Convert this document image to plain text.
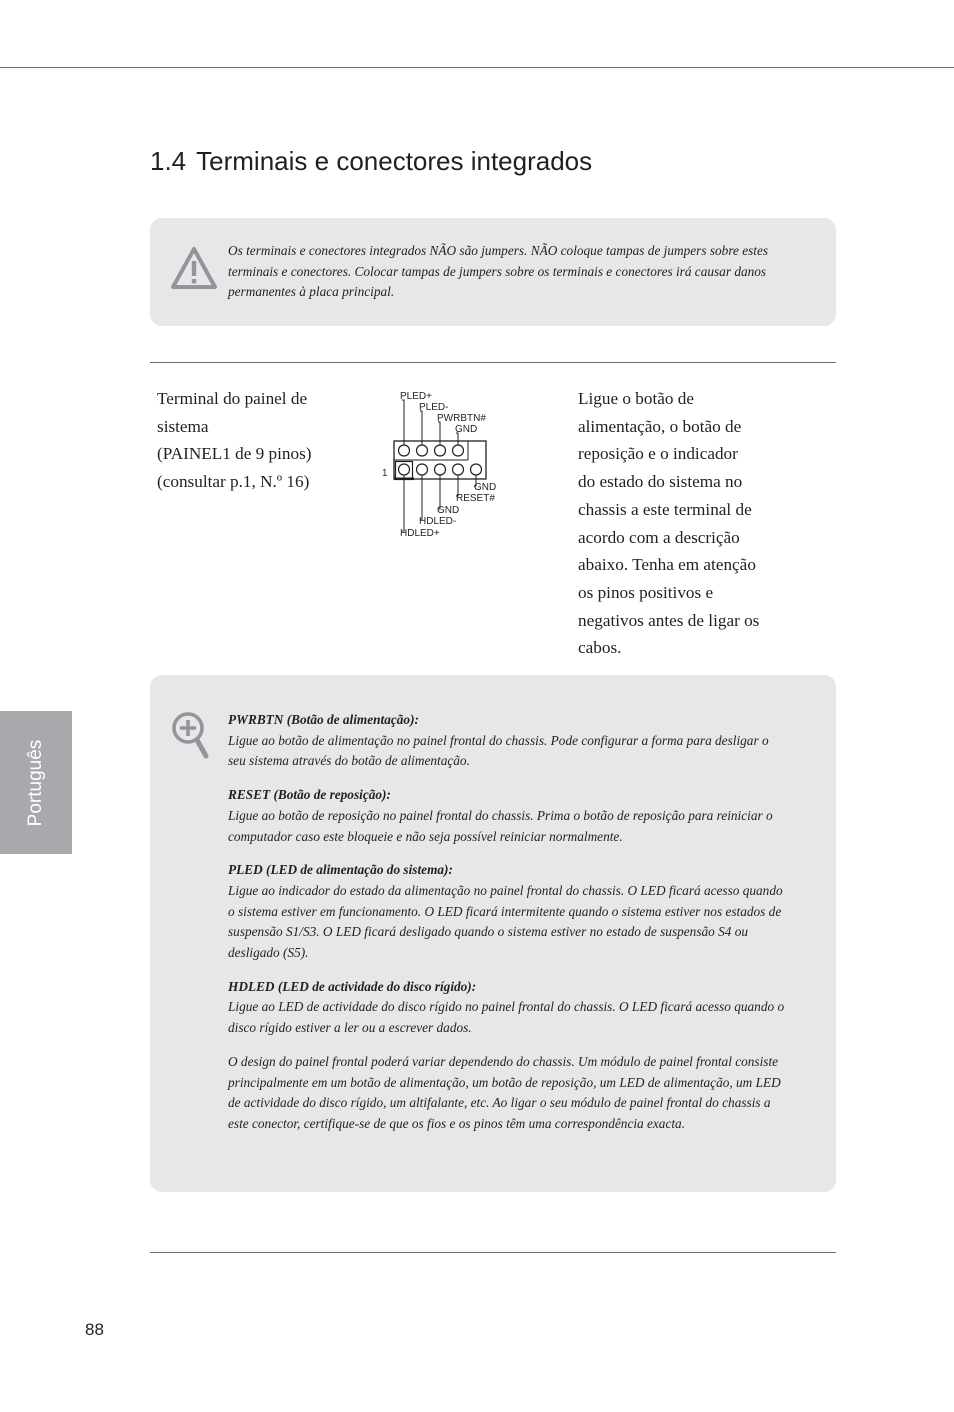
1.4 Terminais e conectores integrados
Os terminais e conectores integrados NÃO são jumpers. NÃO coloque tampas de jumpers sobre estes terminais e conectores. Colocar tampas de jumpers sobre os terminais e conectores irá causar danos permanentes à placa principal.
Terminal do painel de
sistema
(PAINEL1 de 9 pinos)
(consultar p.1, N.º 16)
PLED+
PLED-
PWRBTN#
GND
1
GND
RESET#
GND
HDLED-
HDLED+
Ligue o botão de
alimentação, o botão de
reposição e o indicador
do estado do sistema no
chassis a este terminal de
acordo com a descrição
abaixo. Tenha em atenção
os pinos positivos e
negativos antes de ligar os
cabos.
PWRBTN (Botão de alimentação):
Ligue ao botão de alimentação no painel frontal do chassis. Pode configurar a forma para desligar o seu sistema através do botão de alimentação.
RESET (Botão de reposição):
Ligue ao botão de reposição no painel frontal do chassis. Prima o botão de reposição para reiniciar o computador caso este bloqueie e não seja possível reiniciar normalmente.
PLED (LED de alimentação do sistema):
Ligue ao indicador do estado da alimentação no painel frontal do chassis. O LED ficará acesso quando o sistema estiver em funcionamento. O LED ficará intermitente quando o sistema estiver nos estados de suspensão S1/S3. O LED ficará desligado quando o sistema estiver no estado de suspensão S4 ou desligado (S5).
HDLED (LED de actividade do disco rígido):
Ligue ao LED de actividade do disco rígido no painel frontal do chassis. O LED ficará acesso quando o disco rígido estiver a ler ou a escrever dados.
O design do painel frontal poderá variar dependendo do chassis. Um módulo de painel frontal consiste principalmente em um botão de alimentação, um botão de reposição, um LED de alimentação, um LED de actividade do disco rígido, um altifalante, etc. Ao ligar o seu módulo de painel frontal do chassis a este conector, certifique-se de que os fios e os pinos têm uma correspondência exacta.
Português
88
